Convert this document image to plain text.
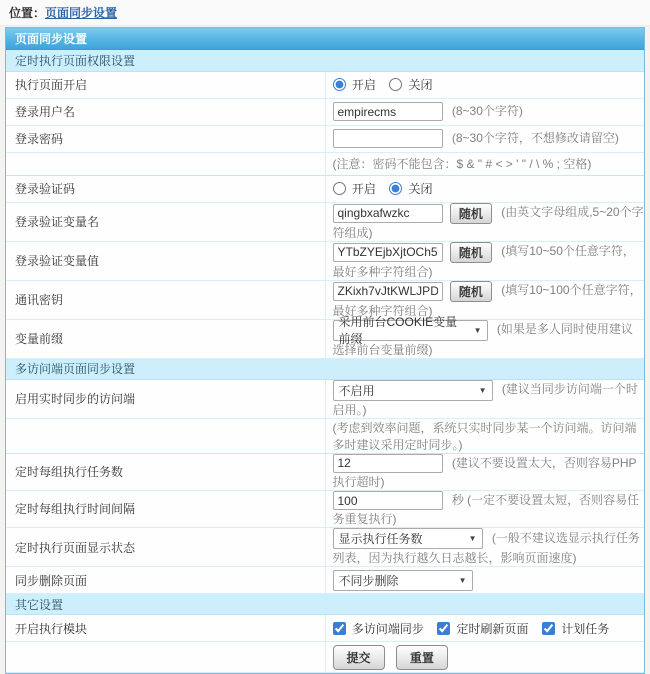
位置：页面同步设置
页面同步设置
定时执行页面权限设置	
执行页面开启	开启 关闭
登录用户名	empirecms(8~30个字符)
登录密码	(8~30个字符，不想修改请留空)
	(注意：密码不能包含：$ & " # < > ' " / \ % ; 空格)
登录验证码	开启 关闭
登录验证变量名	qingbxafwzkc 随机 (由英文字母组成,5~20个字符组成)
登录验证变量值	YTbZYEjbXjtOCh5vu1 随机 (填写10~50个任意字符，最好多种字符组合)
通讯密钥	ZKixh7vJtKWLJPDce4v 随机 (填写10~100个任意字符，最好多种字符组合)
变量前缀	采用前台COOKIE变量前缀
▼ (如果是多人同时使用建议选择前台变量前缀)
多访问端页面同步设置	
启用实时同步的访问端	不启用 ▼ (建议当同步访问端一个时启用。)
	(考虑到效率问题，系统只实时同步某一个访问端。访问端多时建议采用定时同步。)
定时每组执行任务数	12 (建议不要设置太大，否则容易PHP执行超时)
定时每组执行时间间隔	100 秒 (一定不要设置太短，否则容易任务重复执行)
定时执行页面显示状态	显示执行任务数 ▼ (一般不建议选显示执行任务列表，因为执行越久日志越长，影响页面速度)
同步删除页面	不同步删除 ▼

其它设置	
开启执行模块	多访问端同步 定时刷新页面 计划任务
	提交 重置
